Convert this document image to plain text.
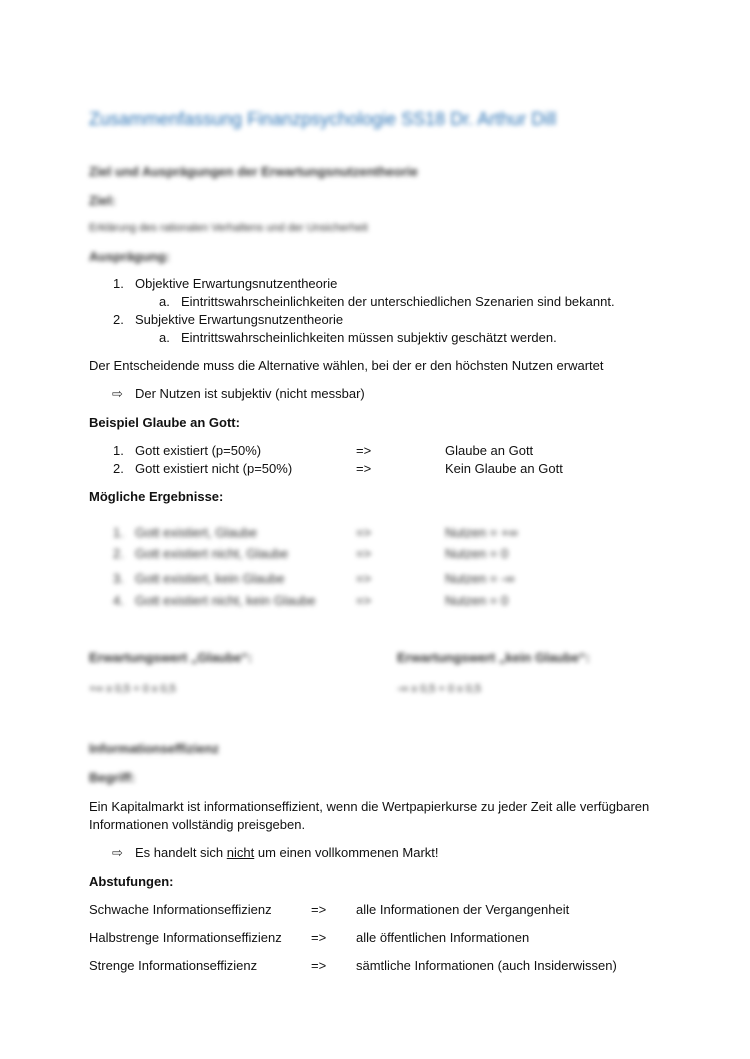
Zusammenfassung Finanzpsychologie SS18 Dr. Arthur Dill
Ziel und Ausprägungen der Erwartungsnutzentheorie
Ziel:
Erklärung des rationalen Verhaltens und der Unsicherheit
Ausprägung:
1. Objektive Erwartungsnutzentheorie
a. Eintrittswahrscheinlichkeiten der unterschiedlichen Szenarien sind bekannt.
2. Subjektive Erwartungsnutzentheorie
a. Eintrittswahrscheinlichkeiten müssen subjektiv geschätzt werden.
Der Entscheidende muss die Alternative wählen, bei der er den höchsten Nutzen erwartet
⇨ Der Nutzen ist subjektiv (nicht messbar)
Beispiel Glaube an Gott:
1. Gott existiert (p=50%)	=>	Glaube an Gott
2. Gott existiert nicht (p=50%)	=>	Kein Glaube an Gott
Mögliche Ergebnisse:
1. Gott existiert, Glaube	=>	Nutzen = +∞
2. Gott existiert nicht, Glaube	=>	Nutzen = 0
3. Gott existiert, kein Glaube	=>	Nutzen = -∞
4. Gott existiert nicht, kein Glaube	=>	Nutzen = 0
Erwartungswert „Glaube“:	Erwartungswert „kein Glaube“:
+∞ x 0,5 + 0 x 0,5	-∞ x 0,5 + 0 x 0,5
Informationseffizienz
Begriff:
Ein Kapitalmarkt ist informationseffizient, wenn die Wertpapierkurse zu jeder Zeit alle verfügbaren
Informationen vollständig preisgeben.
⇨ Es handelt sich nicht um einen vollkommenen Markt!
Abstufungen:
Schwache Informationseffizienz	=> alle Informationen der Vergangenheit
Halbstrenge Informationseffizienz => alle öffentlichen Informationen
Strenge Informationseffizienz	=> sämtliche Informationen (auch Insiderwissen)
